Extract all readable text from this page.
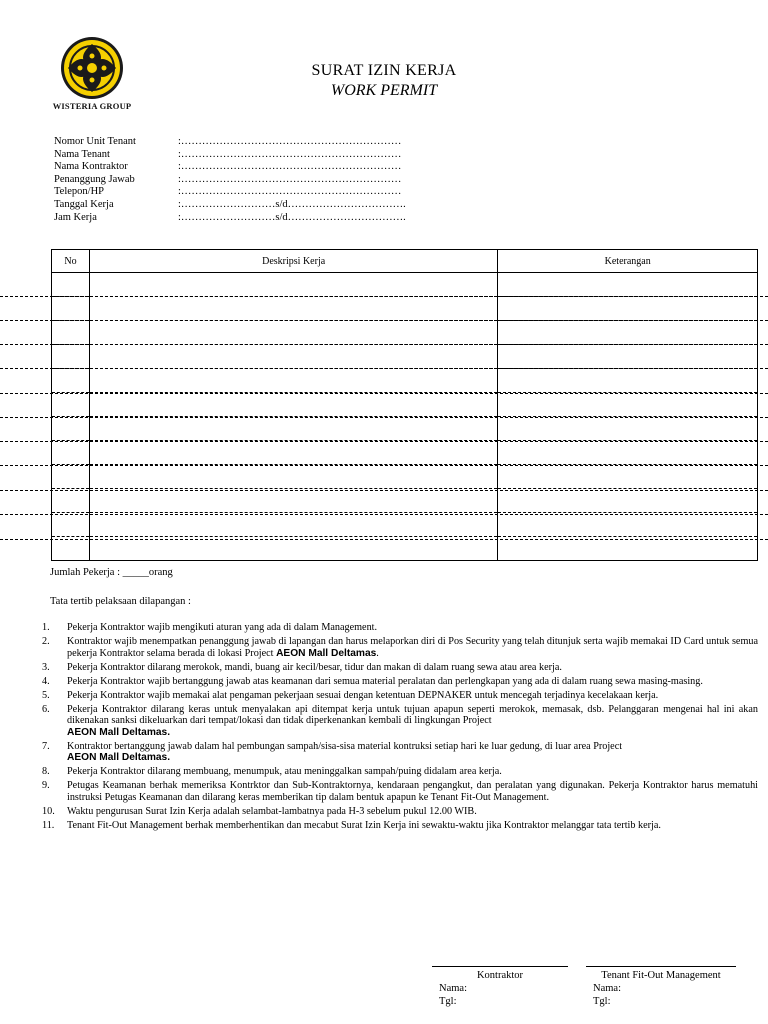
WISTERIA GROUP
SURAT IZIN KERJA
WORK PERMIT
Nomor Unit Tenant	:………………………………………………………
Nama Tenant	:………………………………………………………
Nama Kontraktor	:………………………………………………………
Penanggung Jawab	:………………………………………………………
Telepon/HP	:………………………………………………………
Tanggal Kerja	:………………………s/d…………………………….
Jam Kerja	:………………………s/d…………………………….
No	Deskripsi Kerja	Keterangan

Jumlah Pekerja : _____orang
Tata tertib pelaksaan dilapangan :
1.	Pekerja Kontraktor wajib mengikuti aturan yang ada di dalam Management.
2.	Kontraktor wajib menempatkan penanggung jawab di lapangan dan harus melaporkan diri di Pos Security yang telah ditunjuk serta wajib memakai ID Card untuk semua pekerja Kontraktor selama berada di lokasi Project AEON Mall Deltamas.
3.	Pekerja Kontraktor dilarang merokok, mandi, buang air kecil/besar, tidur dan makan di dalam ruang sewa atau area kerja.
4.	Pekerja Kontraktor wajib bertanggung jawab atas keamanan dari semua material peralatan dan perlengkapan yang ada di dalam ruang sewa masing-masing.
5.	Pekerja Kontraktor wajib memakai alat pengaman pekerjaan sesuai dengan ketentuan DEPNAKER untuk mencegah terjadinya kecelakaan kerja.
6.	Pekerja Kontraktor dilarang keras untuk menyalakan api ditempat kerja untuk tujuan apapun seperti merokok, memasak, dsb. Pelanggaran mengenai hal ini akan dikenakan sanksi dikeluarkan dari tempat/lokasi dan tidak diperkenankan kembali di lingkungan Project
AEON Mall Deltamas.
7.	Kontraktor bertanggung jawab dalam hal pembungan sampah/sisa-sisa material kontruksi setiap hari ke luar gedung, di luar area Project
AEON Mall Deltamas.
8.	Pekerja Kontraktor dilarang membuang, menumpuk, atau meninggalkan sampah/puing didalam area kerja.
9.	Petugas Keamanan berhak memeriksa Kontrktor dan Sub-Kontraktornya, kendaraan pengangkut, dan peralatan yang digunakan. Pekerja Kontraktor harus mematuhi instruksi Petugas Keamanan dan dilarang keras memberikan tip dalam bentuk apapun ke Tenant Fit-Out Management.
10.	Waktu pengurusan Surat Izin Kerja adalah selambat-lambatnya pada H-3 sebelum pukul 12.00 WIB.
11.	Tenant Fit-Out Management berhak memberhentikan dan mecabut Surat Izin Kerja ini sewaktu-waktu jika Kontraktor melanggar tata tertib kerja.
Kontraktor
Nama:
Tgl:
Tenant Fit-Out Management
Nama:
Tgl:
